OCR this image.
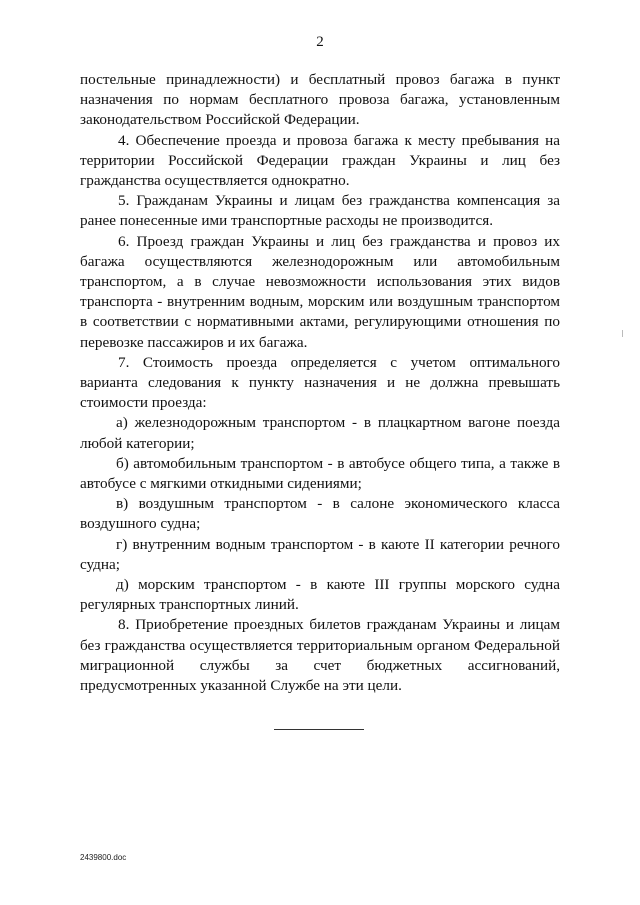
2

постельные принадлежности) и бесплатный провоз багажа в пункт назначения по нормам бесплатного провоза багажа, установленным законодательством Российской Федерации.

4. Обеспечение проезда и провоза багажа к месту пребывания на территории Российской Федерации граждан Украины и лиц без гражданства осуществляется однократно.

5. Гражданам Украины и лицам без гражданства компенсация за ранее понесенные ими транспортные расходы не производится.

6. Проезд граждан Украины и лиц без гражданства и провоз их багажа осуществляются железнодорожным или автомобильным транспортом, а в случае невозможности использования этих видов транспорта - внутренним водным, морским или воздушным транспортом в соответствии с нормативными актами, регулирующими отношения по перевозке пассажиров и их багажа.

7. Стоимость проезда определяется с учетом оптимального варианта следования к пункту назначения и не должна превышать стоимости проезда:

а) железнодорожным транспортом - в плацкартном вагоне поезда любой категории;

б) автомобильным транспортом - в автобусе общего типа, а также в автобусе с мягкими откидными сидениями;

в) воздушным транспортом - в салоне экономического класса воздушного судна;

г) внутренним водным транспортом - в каюте II категории речного судна;

д) морским транспортом - в каюте III группы морского судна регулярных транспортных линий.

8. Приобретение проездных билетов гражданам Украины и лицам без гражданства осуществляется территориальным органом Федеральной миграционной службы за счет бюджетных ассигнований, предусмотренных указанной Службе на эти цели.

2439800.doc
